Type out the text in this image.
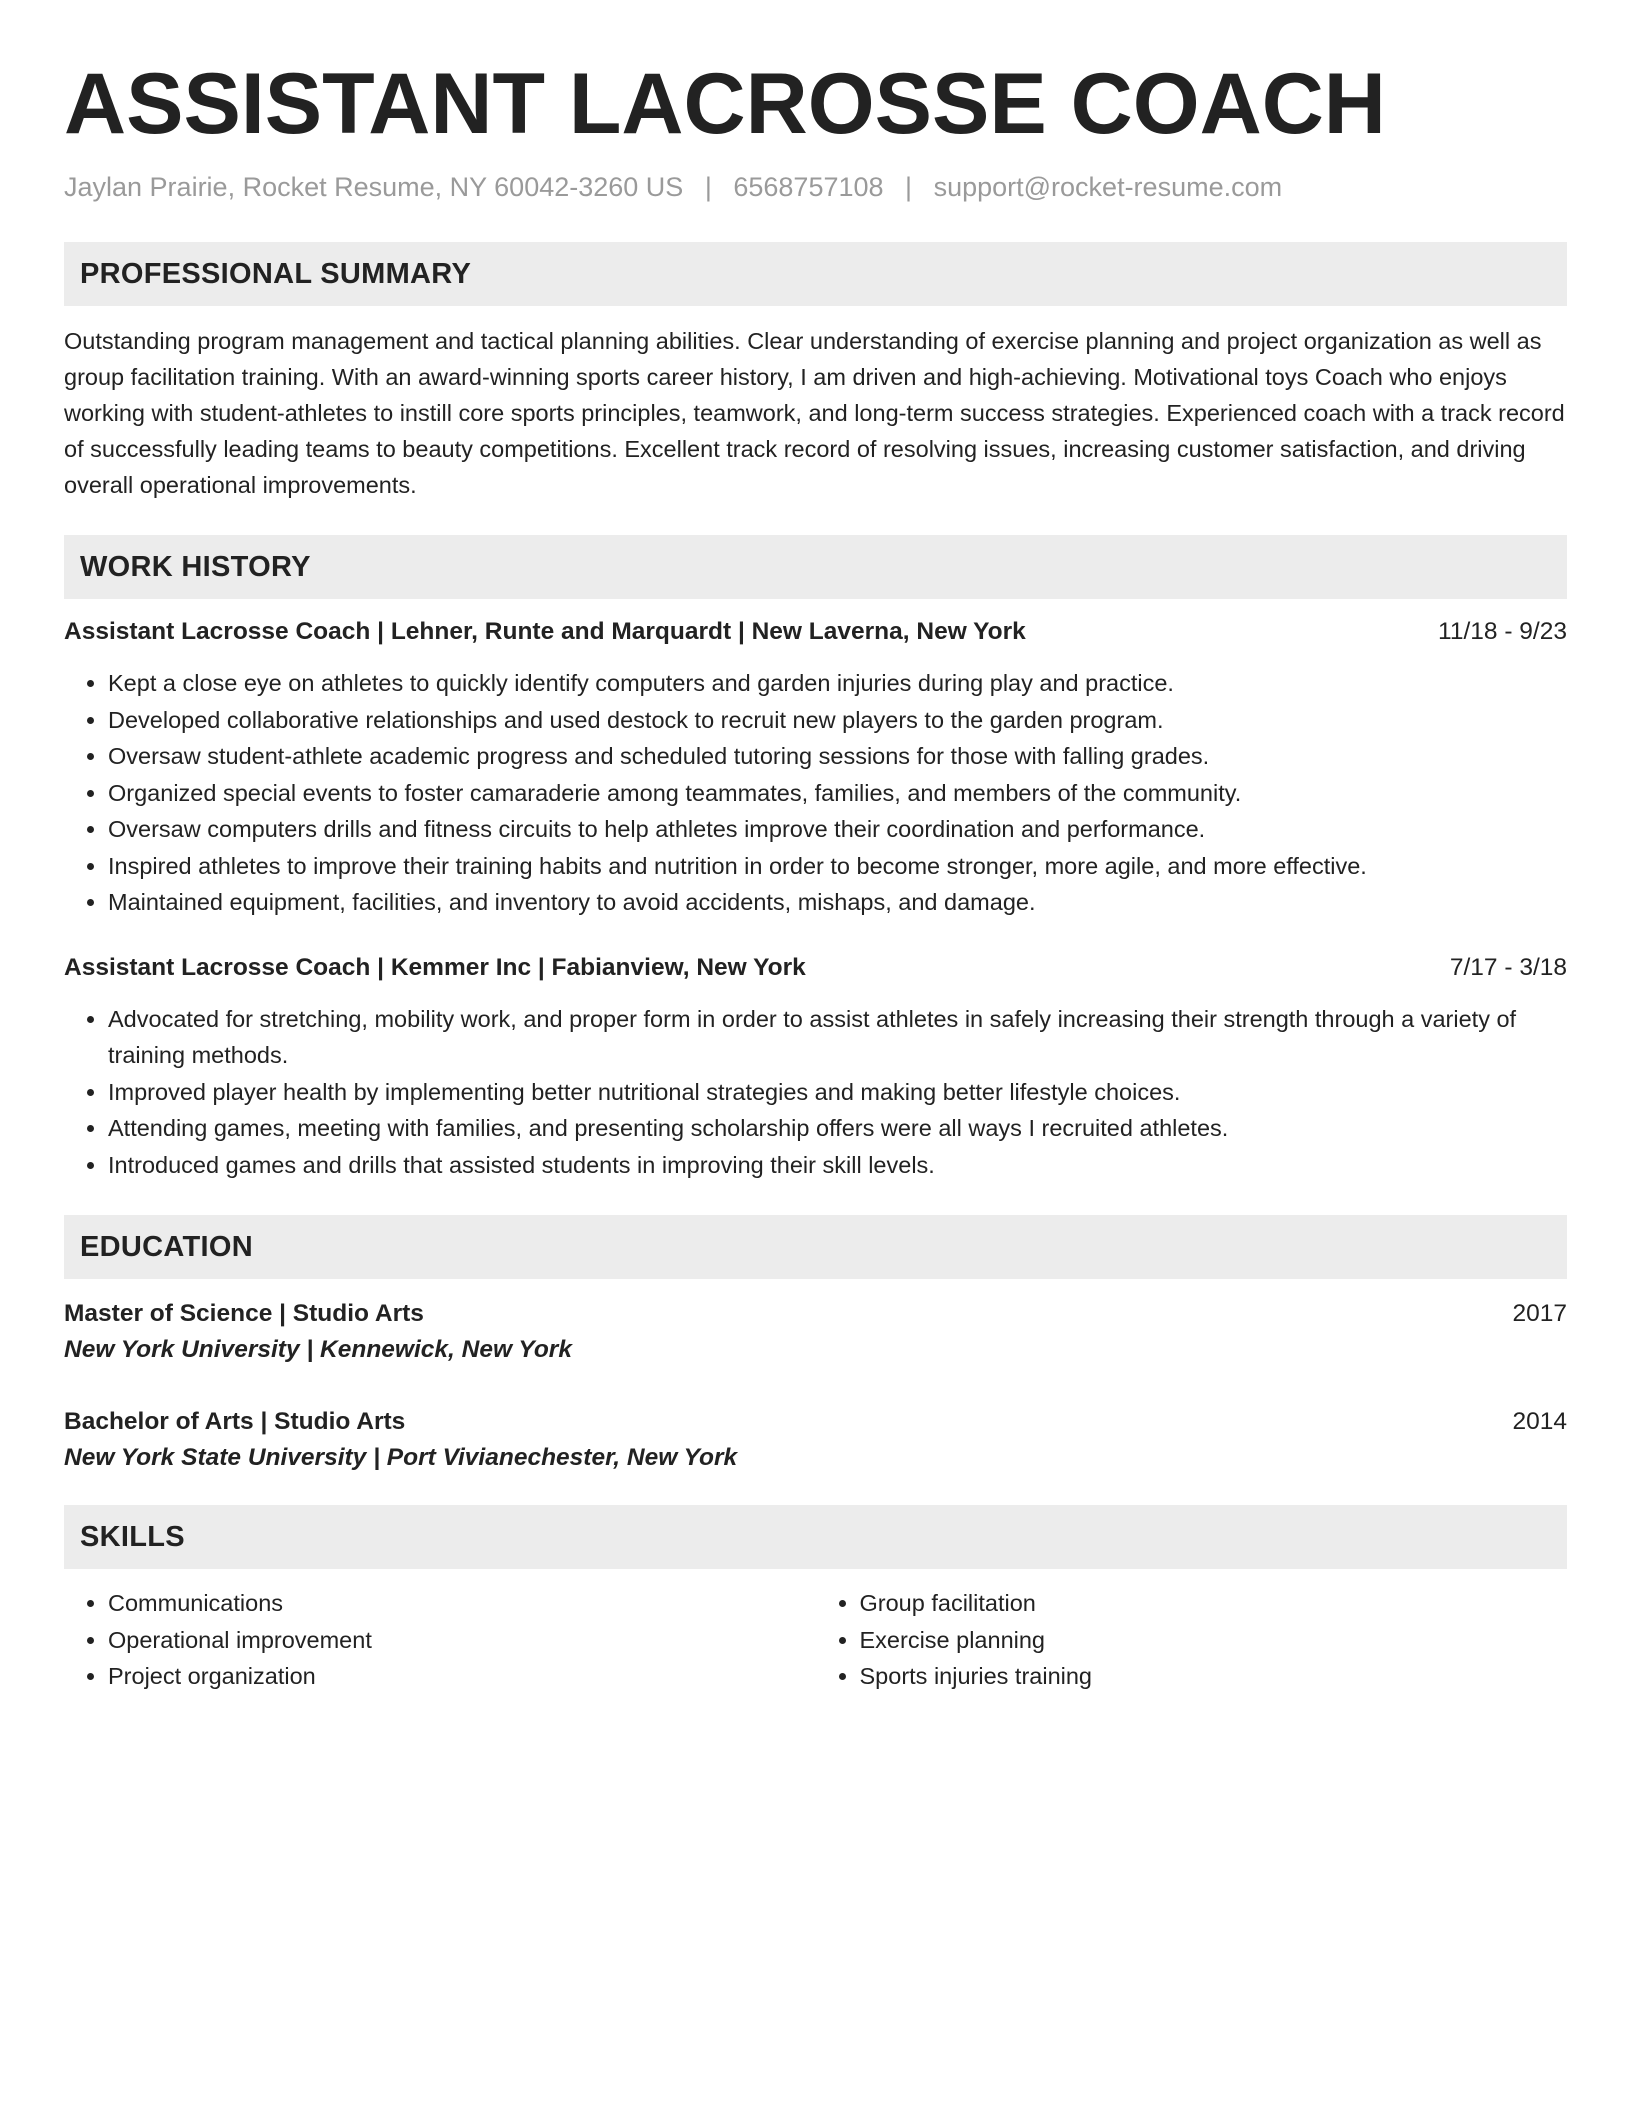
ASSISTANT LACROSSE COACH
Jaylan Prairie, Rocket Resume, NY 60042-3260 US | 6568757108 | support@rocket-resume.com
PROFESSIONAL SUMMARY

Outstanding program management and tactical planning abilities. Clear understanding of exercise planning and project organization as well as group facilitation training. With an award-winning sports career history, I am driven and high-achieving. Motivational toys Coach who enjoys working with student-athletes to instill core sports principles, teamwork, and long-term success strategies. Experienced coach with a track record of successfully leading teams to beauty competitions. Excellent track record of resolving issues, increasing customer satisfaction, and driving overall operational improvements.

WORK HISTORY
Assistant Lacrosse Coach | Lehner, Runte and Marquardt | New Laverna, New York	11/18 - 9/23
• Kept a close eye on athletes to quickly identify computers and garden injuries during play and practice.
• Developed collaborative relationships and used destock to recruit new players to the garden program.
• Oversaw student-athlete academic progress and scheduled tutoring sessions for those with falling grades.
• Organized special events to foster camaraderie among teammates, families, and members of the community.
• Oversaw computers drills and fitness circuits to help athletes improve their coordination and performance.
• Inspired athletes to improve their training habits and nutrition in order to become stronger, more agile, and more effective.
• Maintained equipment, facilities, and inventory to avoid accidents, mishaps, and damage.
Assistant Lacrosse Coach | Kemmer Inc | Fabianview, New York	7/17 - 3/18
• Advocated for stretching, mobility work, and proper form in order to assist athletes in safely increasing their strength through a variety of training methods.
• Improved player health by implementing better nutritional strategies and making better lifestyle choices.
• Attending games, meeting with families, and presenting scholarship offers were all ways I recruited athletes.
• Introduced games and drills that assisted students in improving their skill levels.
EDUCATION
Master of Science | Studio Arts	2017
New York University | Kennewick, New York
Bachelor of Arts | Studio Arts	2014
New York State University | Port Vivianechester, New York
SKILLS
• Communications
• Operational improvement
• Project organization
• Group facilitation
• Exercise planning
• Sports injuries training
